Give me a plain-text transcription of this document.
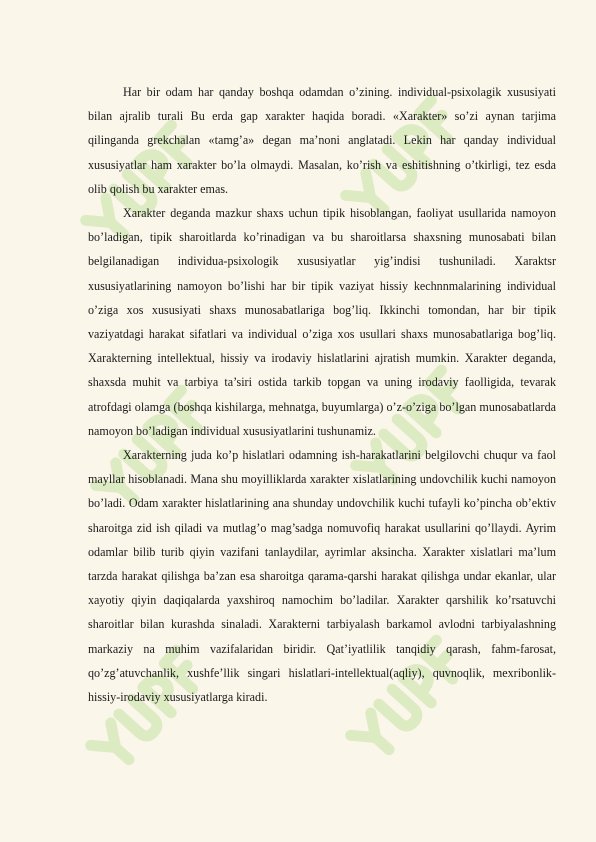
Har bir odam har qanday boshqa odamdan o’zining. individual-psixolagik xususiyati bilan ajralib turali Bu erda gap xarakter haqida boradi. «Xarakter» so’zi aynan tarjima qilinganda grekchalan «tamg’a» degan ma’noni anglatadi. Lekin har qanday individual xususiyatlar ham xarakter bo’la olmaydi. Masalan, ko’rish va eshitishning o’tkirligi, tez esda olib qolish bu xarakter emas.

Xarakter deganda mazkur shaxs uchun tipik hisoblangan, faoliyat usullarida namoyon bo’ladigan, tipik sharoitlarda ko’rinadigan va bu sharoitlarsa shaxsning munosabati bilan belgilanadigan individua-psixologik xususiyatlar yig’indisi tushuniladi. Xaraktsr xususiyatlarining namoyon bo’lishi har bir tipik vaziyat hissiy kechnnmalarining individual o’ziga xos xususiyati shaxs munosabatlariga bog’liq. Ikkinchi tomondan, har bir tipik vaziyatdagi harakat sifatlari va individual o’ziga xos usullari shaxs munosabatlariga bog’liq. Xarakterning intellektual, hissiy va irodaviy hislatlarini ajratish mumkin. Xarakter deganda, shaxsda muhit va tarbiya ta’siri ostida tarkib topgan va uning irodaviy faolligida, tevarak atrofdagi olamga (boshqa kishilarga, mehnatga, buyumlarga) o’z-o’ziga bo’lgan munosabatlarda namoyon bo’ladigan individual xususiyatlarini tushunamiz.

Xarakterning juda ko’p hislatlari odamning ish-harakatlarini belgilovchi chuqur va faol mayllar hisoblanadi. Mana shu moyilliklarda xarakter xislatlarining undovchilik kuchi namoyon bo’ladi. Odam xarakter hislatlarining ana shunday undovchilik kuchi tufayli ko’pincha ob’ektiv sharoitga zid ish qiladi va mutlag’o mag’sadga nomuvofiq harakat usullarini qo’llaydi. Ayrim odamlar bilib turib qiyin vazifani tanlaydilar, ayrimlar aksincha. Xarakter xislatlari ma’lum tarzda harakat qilishga ba’zan esa sharoitga qarama-qarshi harakat qilishga undar ekanlar, ular xayotiy qiyin daqiqalarda yaxshiroq namochim bo’ladilar. Xarakter qarshilik ko’rsatuvchi sharoitlar bilan kurashda sinaladi. Xarakterni tarbiyalash barkamol avlodni tarbiyalashning markaziy na muhim vazifalaridan biridir. Qat’iyatlilik tanqidiy qarash, fahm-farosat, qo’zg’atuvchanlik, xushfe’llik singari hislatlari-intellektual(aqliy), quvnoqlik, mexribonlik-hissiy-irodaviy xususiyatlarga kiradi.
